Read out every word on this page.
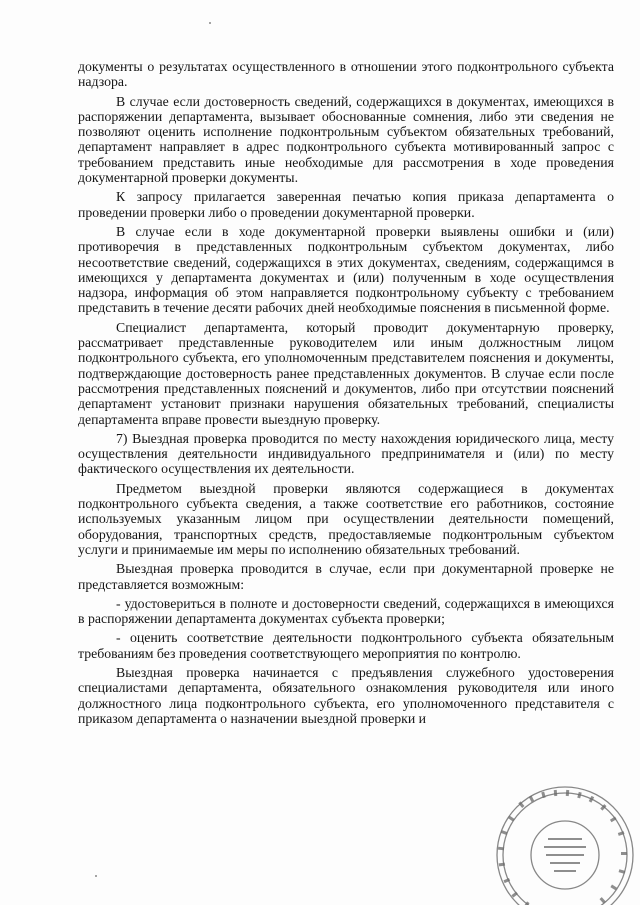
документы о результатах осуществленного в отношении этого подконтрольного субъекта надзора.

В случае если достоверность сведений, содержащихся в документах, имеющихся в распоряжении департамента, вызывает обоснованные сомнения, либо эти сведения не позволяют оценить исполнение подконтрольным субъектом обязательных требований, департамент направляет в адрес подконтрольного субъекта мотивированный запрос с требованием представить иные необходимые для рассмотрения в ходе проведения документарной проверки документы.

К запросу прилагается заверенная печатью копия приказа департамента о проведении проверки либо о проведении документарной проверки.

В случае если в ходе документарной проверки выявлены ошибки и (или) противоречия в представленных подконтрольным субъектом документах, либо несоответствие сведений, содержащихся в этих документах, сведениям, содержащимся в имеющихся у департамента документах и (или) полученным в ходе осуществления надзора, информация об этом направляется подконтрольному субъекту с требованием представить в течение десяти рабочих дней необходимые пояснения в письменной форме.

Специалист департамента, который проводит документарную проверку, рассматривает представленные руководителем или иным должностным лицом подконтрольного субъекта, его уполномоченным представителем пояснения и документы, подтверждающие достоверность ранее представленных документов. В случае если после рассмотрения представленных пояснений и документов, либо при отсутствии пояснений департамент установит признаки нарушения обязательных требований, специалисты департамента вправе провести выездную проверку.

7) Выездная проверка проводится по месту нахождения юридического лица, месту осуществления деятельности индивидуального предпринимателя и (или) по месту фактического осуществления их деятельности.

Предметом выездной проверки являются содержащиеся в документах подконтрольного субъекта сведения, а также соответствие его работников, состояние используемых указанным лицом при осуществлении деятельности помещений, оборудования, транспортных средств, предоставляемые подконтрольным субъектом услуги и принимаемые им меры по исполнению обязательных требований.

Выездная проверка проводится в случае, если при документарной проверке не представляется возможным:

- удостовериться в полноте и достоверности сведений, содержащихся в имеющихся в распоряжении департамента документах субъекта проверки;

- оценить соответствие деятельности подконтрольного субъекта обязательным требованиям без проведения соответствующего мероприятия по контролю.

Выездная проверка начинается с предъявления служебного удостоверения специалистами департамента, обязательного ознакомления руководителя или иного должностного лица подконтрольного субъекта, его уполномоченного представителя с приказом департамента о назначении выездной проверки и
